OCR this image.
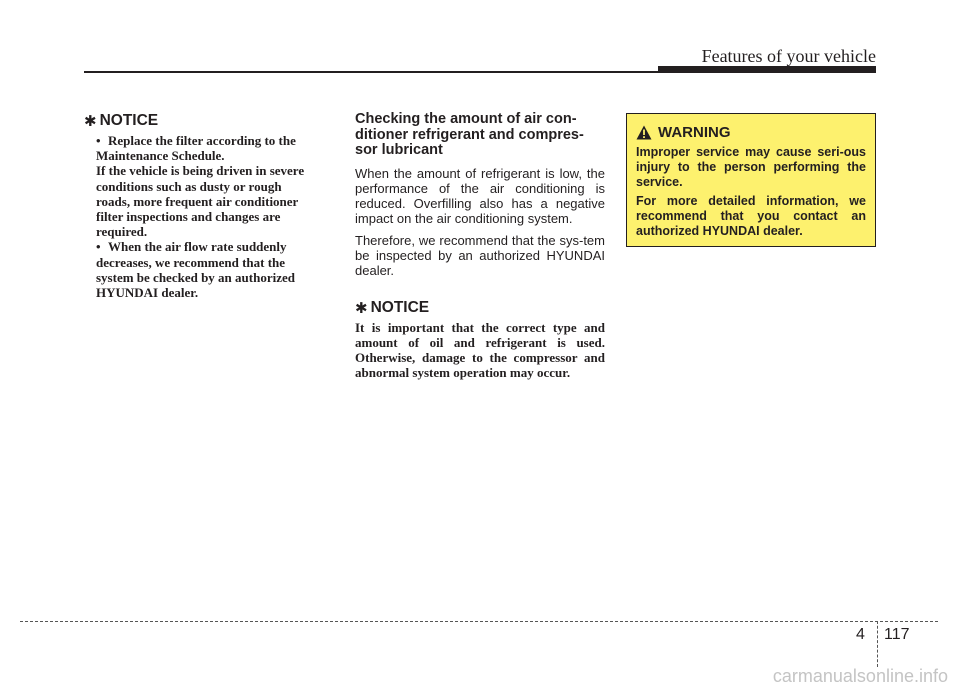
Features of your vehicle
✱ NOTICE
• Replace the filter according to the
Maintenance Schedule.
If the vehicle is being driven in severe
conditions such as dusty or rough
roads, more frequent air conditioner
filter inspections and changes are
required.
• When the air flow rate suddenly
decreases, we recommend that the
system be checked by an authorized
HYUNDAI dealer.
Checking the amount of air con-ditioner refrigerant and compres-sor lubricant

When the amount of refrigerant is low, the performance of the air conditioning is reduced. Overfilling also has a negative impact on the air conditioning system.

Therefore, we recommend that the sys-tem be inspected by an authorized HYUNDAI dealer.

✱ NOTICE

It is important that the correct type and amount of oil and refrigerant is used. Otherwise, damage to the compressor and abnormal system operation may occur.

WARNING

Improper service may cause seri-ous injury to the person performing the service.

For more detailed information, we recommend that you contact an authorized HYUNDAI dealer.

4 117
carmanualsonline.info
